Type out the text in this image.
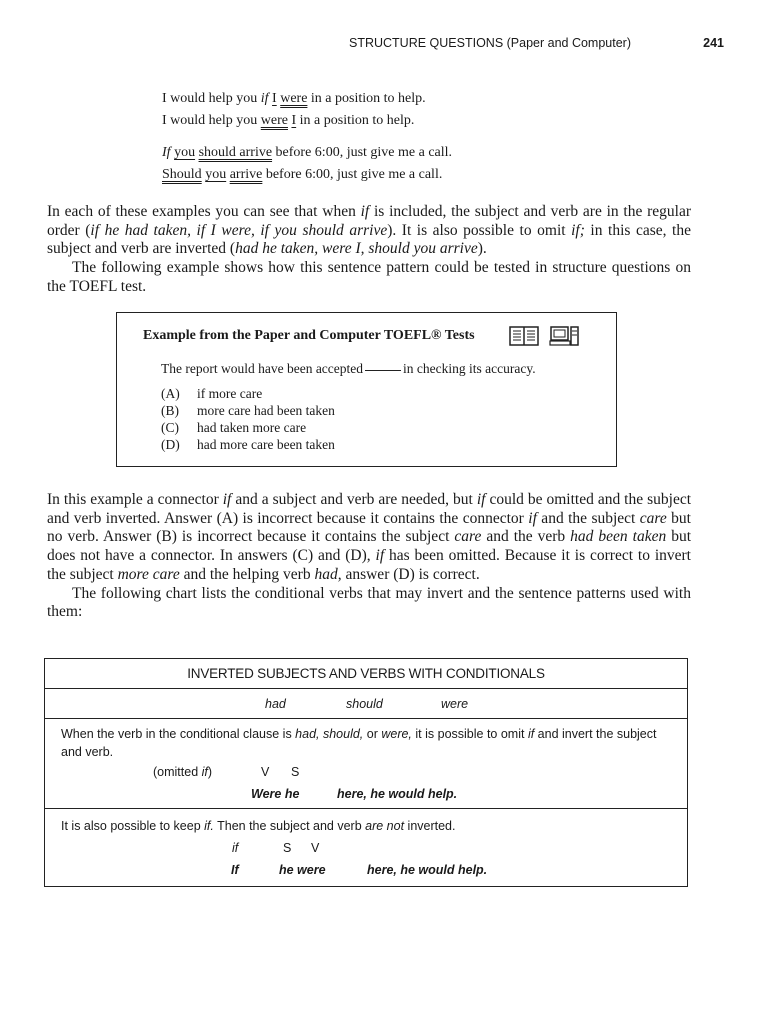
STRUCTURE QUESTIONS (Paper and Computer)	241
I would help you if I were in a position to help.
I would help you were I in a position to help.
If you should arrive before 6:00, just give me a call.
Should you arrive before 6:00, just give me a call.

In each of these examples you can see that when if is included, the subject and verb are in the regular order (if he had taken, if I were, if you should arrive). It is also possible to omit if; in this case, the subject and verb are inverted (had he taken, were I, should you arrive).

The following example shows how this sentence pattern could be tested in structure questions on the TOEFL test.

Example from the Paper and Computer TOEFL® Tests
The report would have been accepted	in checking its accuracy.
(A) if more care
(B) more care had been taken
(C) had taken more care
(D) had more care been taken

In this example a connector if and a subject and verb are needed, but if could be omitted and the subject and verb inverted. Answer (A) is incorrect because it contains the connector if and the subject care but no verb. Answer (B) is incorrect because it contains the subject care and the verb had been taken but does not have a connector. In answers (C) and (D), if has been omitted. Because it is correct to invert the subject more care and the helping verb had, answer (D) is correct.

The following chart lists the conditional verbs that may invert and the sentence patterns used with them:

INVERTED SUBJECTS AND VERBS WITH CONDITIONALS
had	should	were
When the verb in the conditional clause is had, should, or were, it is possible to omit if and invert the subject and verb.
(omitted if)	V S
Were he	here, he would help.
It is also possible to keep if. Then the subject and verb are not inverted.
if	S V
If	he were	here, he would help.
